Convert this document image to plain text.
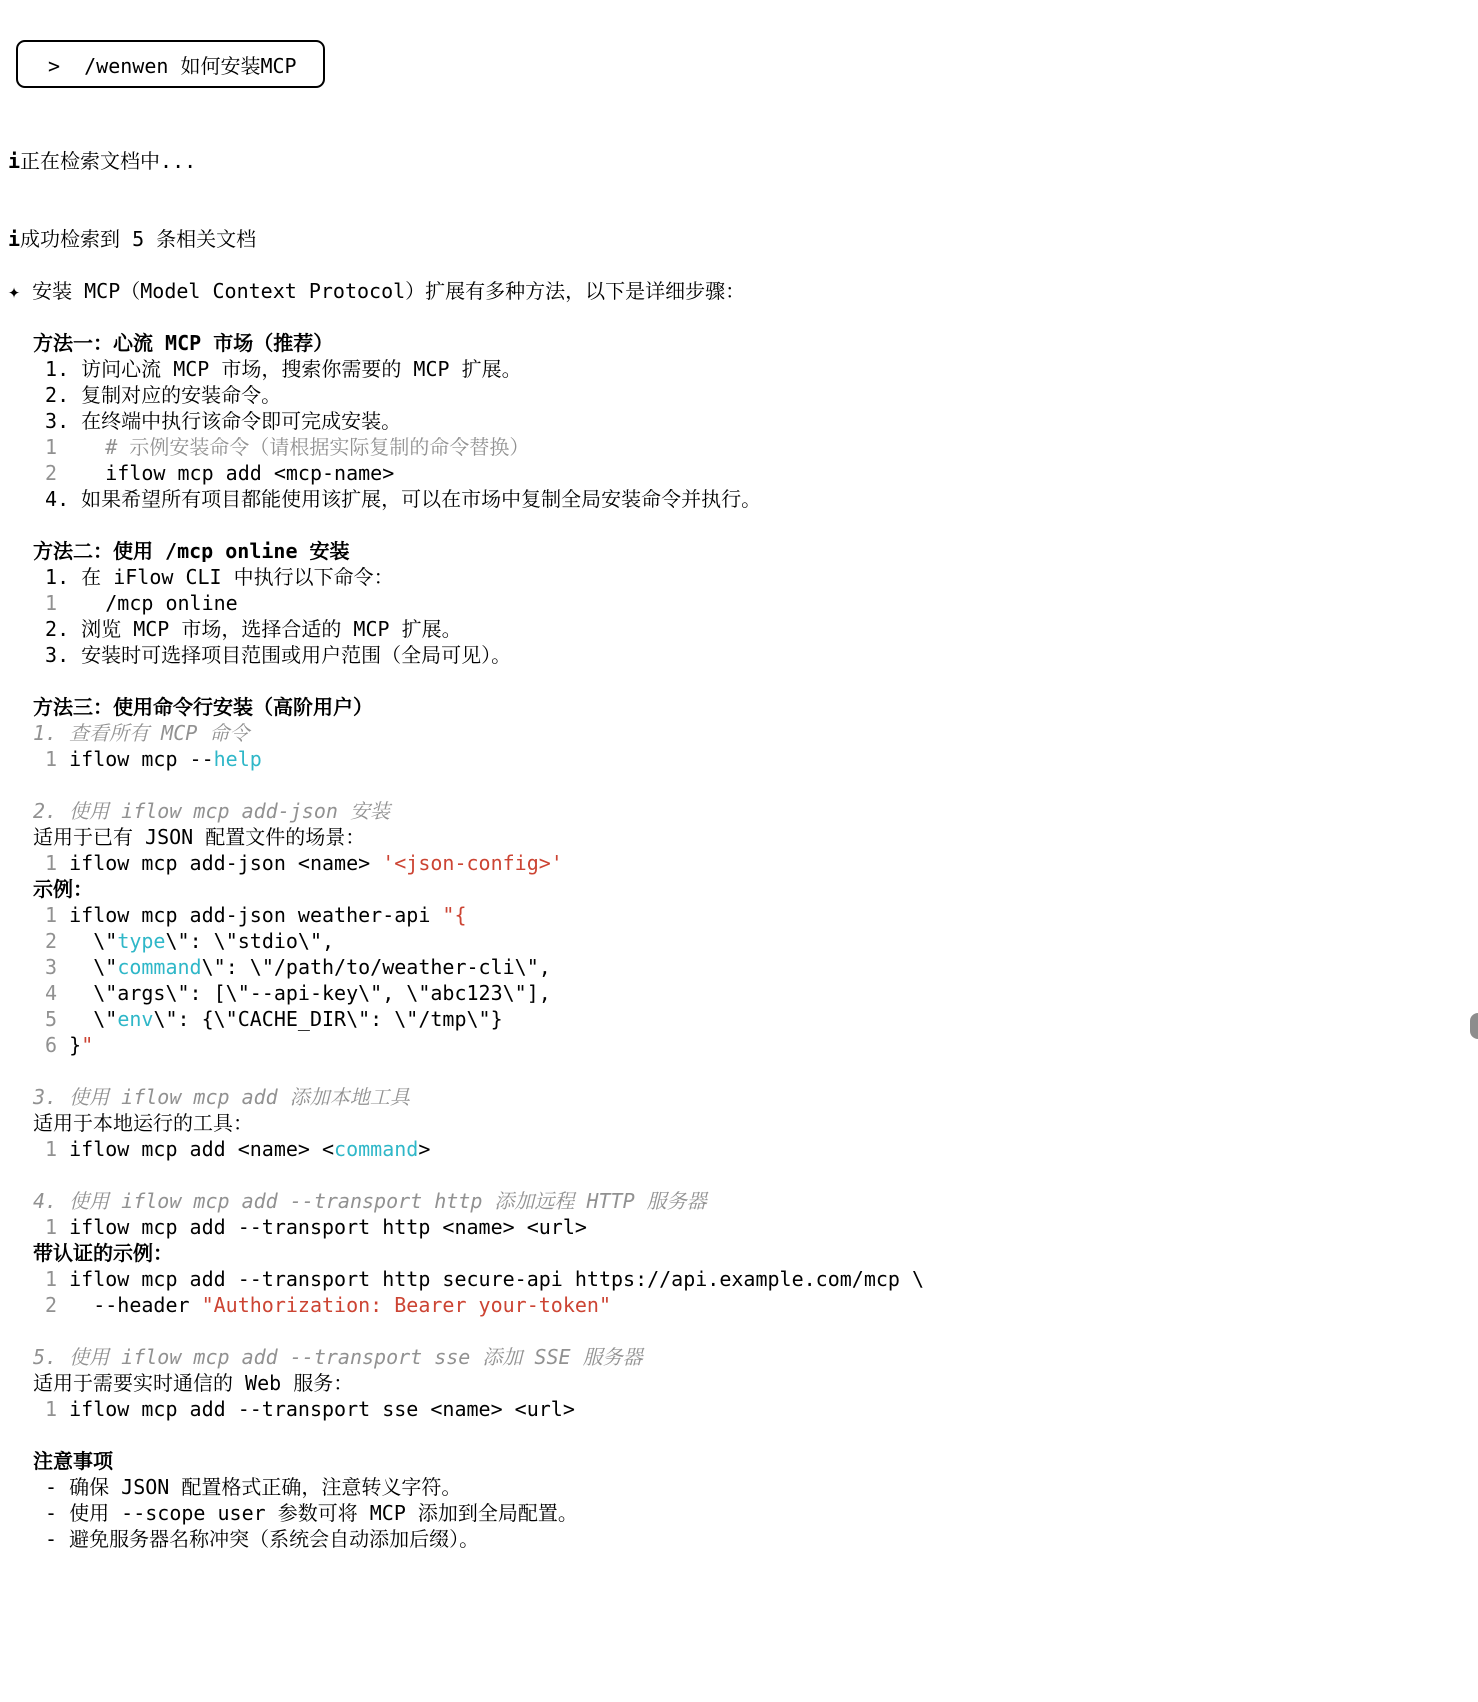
>  /wenwen 如何安装MCP
i正在检索文档中...
i成功检索到 5 条相关文档
✦ 安装 MCP（Model Context Protocol）扩展有多种方法，以下是详细步骤：
方法一：心流 MCP 市场（推荐）
1. 访问心流 MCP 市场，搜索你需要的 MCP 扩展。
2. 复制对应的安装命令。
3. 在终端中执行该命令即可完成安装。
1 # 示例安装命令（请根据实际复制的命令替换）
2    iflow mcp add <mcp-name>
4. 如果希望所有项目都能使用该扩展，可以在市场中复制全局安装命令并执行。
方法二：使用 /mcp online 安装
1. 在 iFlow CLI 中执行以下命令：
1    /mcp online
2. 浏览 MCP 市场，选择合适的 MCP 扩展。
3. 安装时可选择项目范围或用户范围（全局可见）。
方法三：使用命令行安装（高阶用户）
1. 查看所有 MCP 命令
1 iflow mcp --help
2. 使用 iflow mcp add-json 安装
适用于已有 JSON 配置文件的场景：
1 iflow mcp add-json <name> '<json-config>'
示例：
1 iflow mcp add-json weather-api "{
2   \"type\": \"stdio\",
3   \"command\": \"/path/to/weather-cli\",
4   \"args\": [\"--api-key\", \"abc123\"],
5   \"env\": {\"CACHE_DIR\": \"/tmp\"}
6 }"
3. 使用 iflow mcp add 添加本地工具
适用于本地运行的工具：
1 iflow mcp add <name> <command>
4. 使用 iflow mcp add --transport http 添加远程 HTTP 服务器
1 iflow mcp add --transport http <name> <url>
带认证的示例：
1 iflow mcp add --transport http secure-api https://api.example.com/mcp \
2   --header "Authorization: Bearer your-token"
5. 使用 iflow mcp add --transport sse 添加 SSE 服务器
适用于需要实时通信的 Web 服务：
1 iflow mcp add --transport sse <name> <url>
注意事项
- 确保 JSON 配置格式正确，注意转义字符。
- 使用 --scope user 参数可将 MCP 添加到全局配置。
- 避免服务器名称冲突（系统会自动添加后缀）。
